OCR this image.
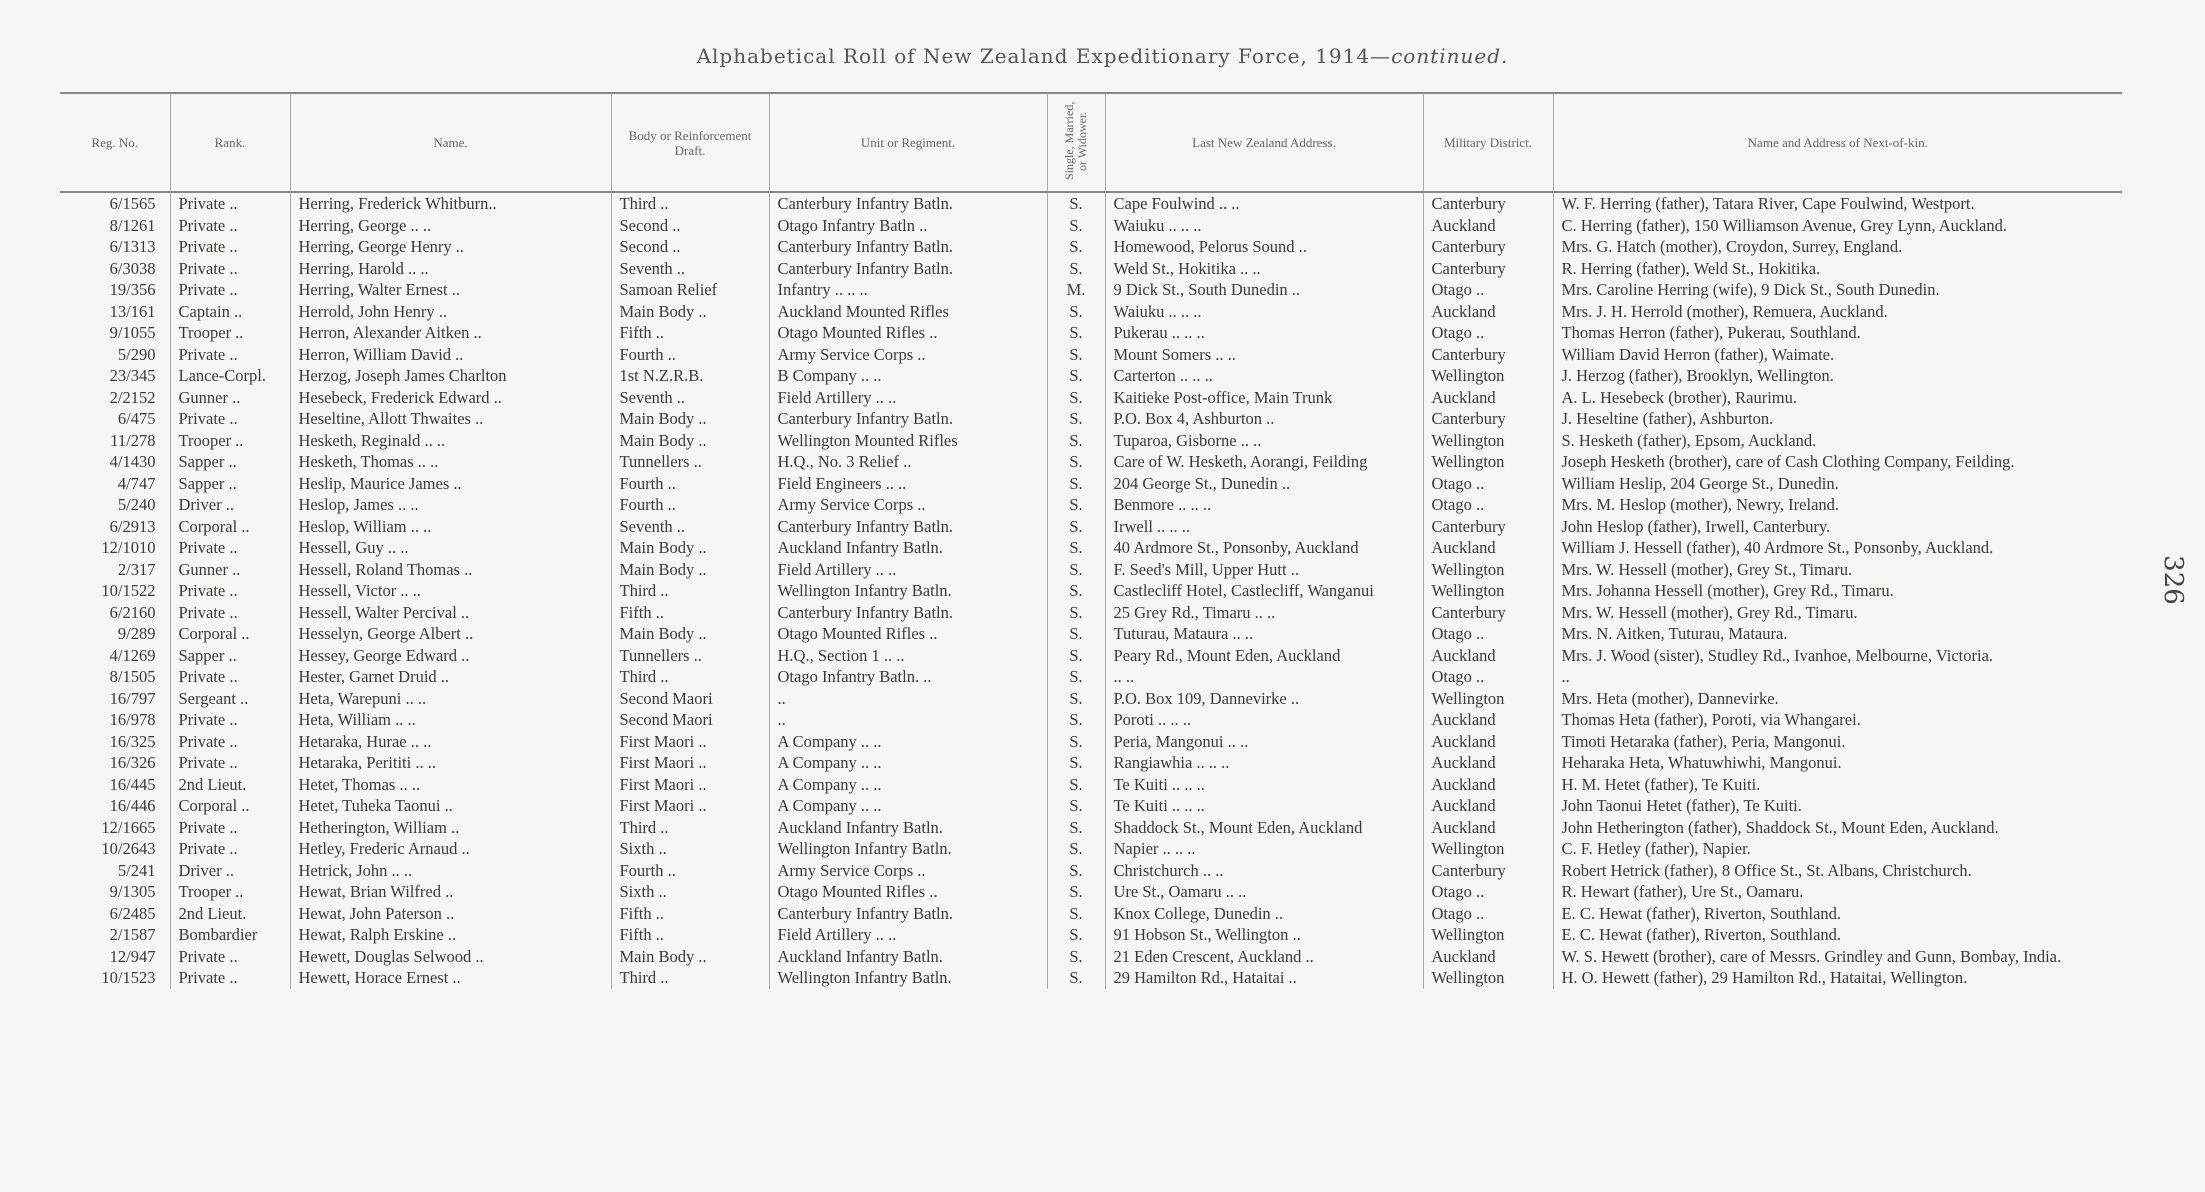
Alphabetical Roll of New Zealand Expeditionary Force, 1914—continued.
326
Reg. No.	Rank.	Name.	Body or Reinforcement Draft.	Unit or Regiment.	Single, Married, or Widower.	Last New Zealand Address.	Military District.	Name and Address of Next-of-kin.
6/1565	Private ..	Herring, Frederick Whitburn..	Third ..	Canterbury Infantry Batln.	S.	Cape Foulwind .. ..	Canterbury	W. F. Herring (father), Tatara River, Cape Foulwind, Westport.
8/1261	Private ..	Herring, George .. ..	Second ..	Otago Infantry Batln ..	S.	Waiuku .. .. ..	Auckland	C. Herring (father), 150 Williamson Avenue, Grey Lynn, Auckland.
6/1313	Private ..	Herring, George Henry ..	Second ..	Canterbury Infantry Batln.	S.	Homewood, Pelorus Sound ..	Canterbury	Mrs. G. Hatch (mother), Croydon, Surrey, England.
6/3038	Private ..	Herring, Harold .. ..	Seventh ..	Canterbury Infantry Batln.	S.	Weld St., Hokitika .. ..	Canterbury	R. Herring (father), Weld St., Hokitika.
19/356	Private ..	Herring, Walter Ernest ..	Samoan Relief	Infantry .. .. ..	M.	9 Dick St., South Dunedin ..	Otago ..	Mrs. Caroline Herring (wife), 9 Dick St., South Dunedin.
13/161	Captain ..	Herrold, John Henry ..	Main Body ..	Auckland Mounted Rifles	S.	Waiuku .. .. ..	Auckland	Mrs. J. H. Herrold (mother), Remuera, Auckland.
9/1055	Trooper ..	Herron, Alexander Aitken ..	Fifth ..	Otago Mounted Rifles ..	S.	Pukerau .. .. ..	Otago ..	Thomas Herron (father), Pukerau, Southland.
5/290	Private ..	Herron, William David ..	Fourth ..	Army Service Corps ..	S.	Mount Somers .. ..	Canterbury	William David Herron (father), Waimate.
23/345	Lance-Corpl.	Herzog, Joseph James Charlton	1st N.Z.R.B.	B Company .. ..	S.	Carterton .. .. ..	Wellington	J. Herzog (father), Brooklyn, Wellington.
2/2152	Gunner ..	Hesebeck, Frederick Edward ..	Seventh ..	Field Artillery .. ..	S.	Kaitieke Post-office, Main Trunk	Auckland	A. L. Hesebeck (brother), Raurimu.
6/475	Private ..	Heseltine, Allott Thwaites ..	Main Body ..	Canterbury Infantry Batln.	S.	P.O. Box 4, Ashburton ..	Canterbury	J. Heseltine (father), Ashburton.
11/278	Trooper ..	Hesketh, Reginald .. ..	Main Body ..	Wellington Mounted Rifles	S.	Tuparoa, Gisborne .. ..	Wellington	S. Hesketh (father), Epsom, Auckland.
4/1430	Sapper ..	Hesketh, Thomas .. ..	Tunnellers ..	H.Q., No. 3 Relief ..	S.	Care of W. Hesketh, Aorangi, Feilding	Wellington	Joseph Hesketh (brother), care of Cash Clothing Company, Feilding.
4/747	Sapper ..	Heslip, Maurice James ..	Fourth ..	Field Engineers .. ..	S.	204 George St., Dunedin ..	Otago ..	William Heslip, 204 George St., Dunedin.
5/240	Driver ..	Heslop, James .. ..	Fourth ..	Army Service Corps ..	S.	Benmore .. .. ..	Otago ..	Mrs. M. Heslop (mother), Newry, Ireland.
6/2913	Corporal ..	Heslop, William .. ..	Seventh ..	Canterbury Infantry Batln.	S.	Irwell .. .. ..	Canterbury	John Heslop (father), Irwell, Canterbury.
12/1010	Private ..	Hessell, Guy .. ..	Main Body ..	Auckland Infantry Batln.	S.	40 Ardmore St., Ponsonby, Auckland	Auckland	William J. Hessell (father), 40 Ardmore St., Ponsonby, Auckland.
2/317	Gunner ..	Hessell, Roland Thomas ..	Main Body ..	Field Artillery .. ..	S.	F. Seed's Mill, Upper Hutt ..	Wellington	Mrs. W. Hessell (mother), Grey St., Timaru.
10/1522	Private ..	Hessell, Victor .. ..	Third ..	Wellington Infantry Batln.	S.	Castlecliff Hotel, Castlecliff, Wanganui	Wellington	Mrs. Johanna Hessell (mother), Grey Rd., Timaru.
6/2160	Private ..	Hessell, Walter Percival ..	Fifth ..	Canterbury Infantry Batln.	S.	25 Grey Rd., Timaru .. ..	Canterbury	Mrs. W. Hessell (mother), Grey Rd., Timaru.
9/289	Corporal ..	Hesselyn, George Albert ..	Main Body ..	Otago Mounted Rifles ..	S.	Tuturau, Mataura .. ..	Otago ..	Mrs. N. Aitken, Tuturau, Mataura.
4/1269	Sapper ..	Hessey, George Edward ..	Tunnellers ..	H.Q., Section 1 .. ..	S.	Peary Rd., Mount Eden, Auckland	Auckland	Mrs. J. Wood (sister), Studley Rd., Ivanhoe, Melbourne, Victoria.
8/1505	Private ..	Hester, Garnet Druid ..	Third ..	Otago Infantry Batln. ..	S.	.. ..	Otago ..	..
16/797	Sergeant ..	Heta, Warepuni .. ..	Second Maori	..	S.	P.O. Box 109, Dannevirke ..	Wellington	Mrs. Heta (mother), Dannevirke.
16/978	Private ..	Heta, William .. ..	Second Maori	..	S.	Poroti .. .. ..	Auckland	Thomas Heta (father), Poroti, via Whangarei.
16/325	Private ..	Hetaraka, Hurae .. ..	First Maori ..	A Company .. ..	S.	Peria, Mangonui .. ..	Auckland	Timoti Hetaraka (father), Peria, Mangonui.
16/326	Private ..	Hetaraka, Perititi .. ..	First Maori ..	A Company .. ..	S.	Rangiawhia .. .. ..	Auckland	Heharaka Heta, Whatuwhiwhi, Mangonui.
16/445	2nd Lieut.	Hetet, Thomas .. ..	First Maori ..	A Company .. ..	S.	Te Kuiti .. .. ..	Auckland	H. M. Hetet (father), Te Kuiti.
16/446	Corporal ..	Hetet, Tuheka Taonui ..	First Maori ..	A Company .. ..	S.	Te Kuiti .. .. ..	Auckland	John Taonui Hetet (father), Te Kuiti.
12/1665	Private ..	Hetherington, William ..	Third ..	Auckland Infantry Batln.	S.	Shaddock St., Mount Eden, Auckland	Auckland	John Hetherington (father), Shaddock St., Mount Eden, Auckland.
10/2643	Private ..	Hetley, Frederic Arnaud ..	Sixth ..	Wellington Infantry Batln.	S.	Napier .. .. ..	Wellington	C. F. Hetley (father), Napier.
5/241	Driver ..	Hetrick, John .. ..	Fourth ..	Army Service Corps ..	S.	Christchurch .. ..	Canterbury	Robert Hetrick (father), 8 Office St., St. Albans, Christchurch.
9/1305	Trooper ..	Hewat, Brian Wilfred ..	Sixth ..	Otago Mounted Rifles ..	S.	Ure St., Oamaru .. ..	Otago ..	R. Hewart (father), Ure St., Oamaru.
6/2485	2nd Lieut.	Hewat, John Paterson ..	Fifth ..	Canterbury Infantry Batln.	S.	Knox College, Dunedin ..	Otago ..	E. C. Hewat (father), Riverton, Southland.
2/1587	Bombardier	Hewat, Ralph Erskine ..	Fifth ..	Field Artillery .. ..	S.	91 Hobson St., Wellington ..	Wellington	E. C. Hewat (father), Riverton, Southland.
12/947	Private ..	Hewett, Douglas Selwood ..	Main Body ..	Auckland Infantry Batln.	S.	21 Eden Crescent, Auckland ..	Auckland	W. S. Hewett (brother), care of Messrs. Grindley and Gunn, Bombay, India.
10/1523	Private ..	Hewett, Horace Ernest ..	Third ..	Wellington Infantry Batln.	S.	29 Hamilton Rd., Hataitai ..	Wellington	H. O. Hewett (father), 29 Hamilton Rd., Hataitai, Wellington.
